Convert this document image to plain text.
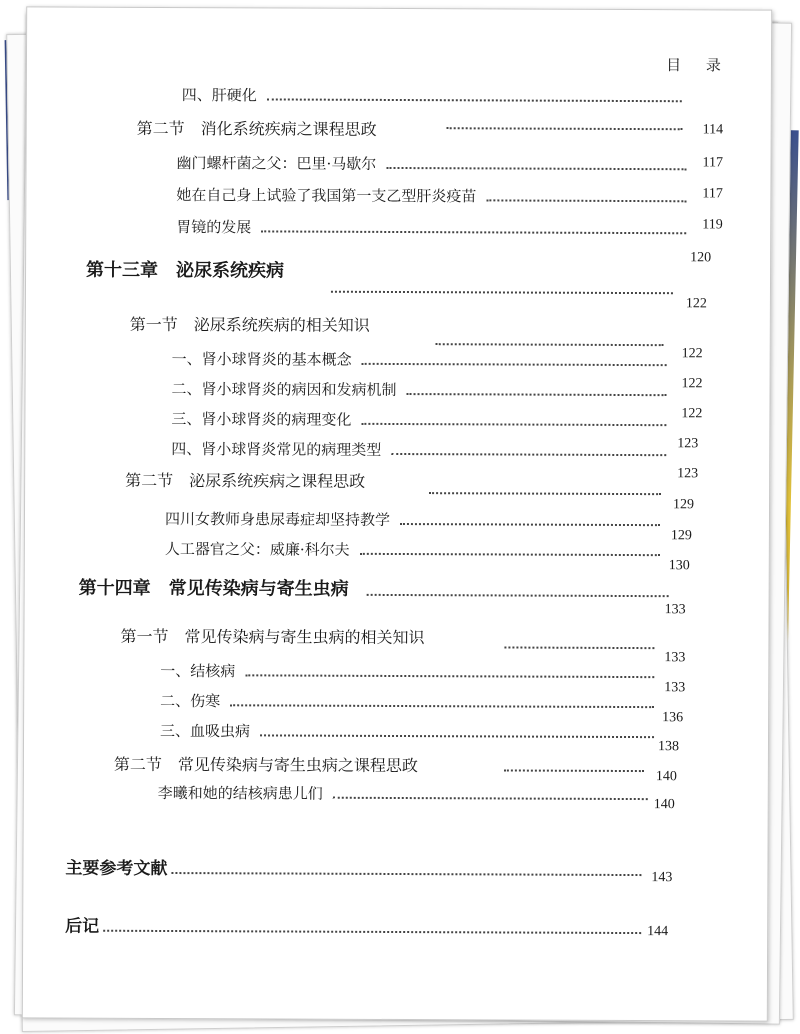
目 录
四、肝硬化
114
第二节　消化系统疾病之课程思政
117
幽门螺杆菌之父：巴里·马歇尔
117
她在自己身上试验了我国第一支乙型肝炎疫苗
119
胃镜的发展
120
第十三章　泌尿系统疾病
122
第一节　泌尿系统疾病的相关知识
122
一、肾小球肾炎的基本概念
122
二、肾小球肾炎的病因和发病机制
122
三、肾小球肾炎的病理变化
123
四、肾小球肾炎常见的病理类型
123
第二节　泌尿系统疾病之课程思政
129
四川女教师身患尿毒症却坚持教学
129
人工器官之父：威廉·科尔夫
130
第十四章　常见传染病与寄生虫病
133
第一节　常见传染病与寄生虫病的相关知识
133
一、结核病
133
二、伤寒
136
三、血吸虫病
138
第二节　常见传染病与寄生虫病之课程思政
140
李曦和她的结核病患儿们
140
主要参考文献	143
后记	144
